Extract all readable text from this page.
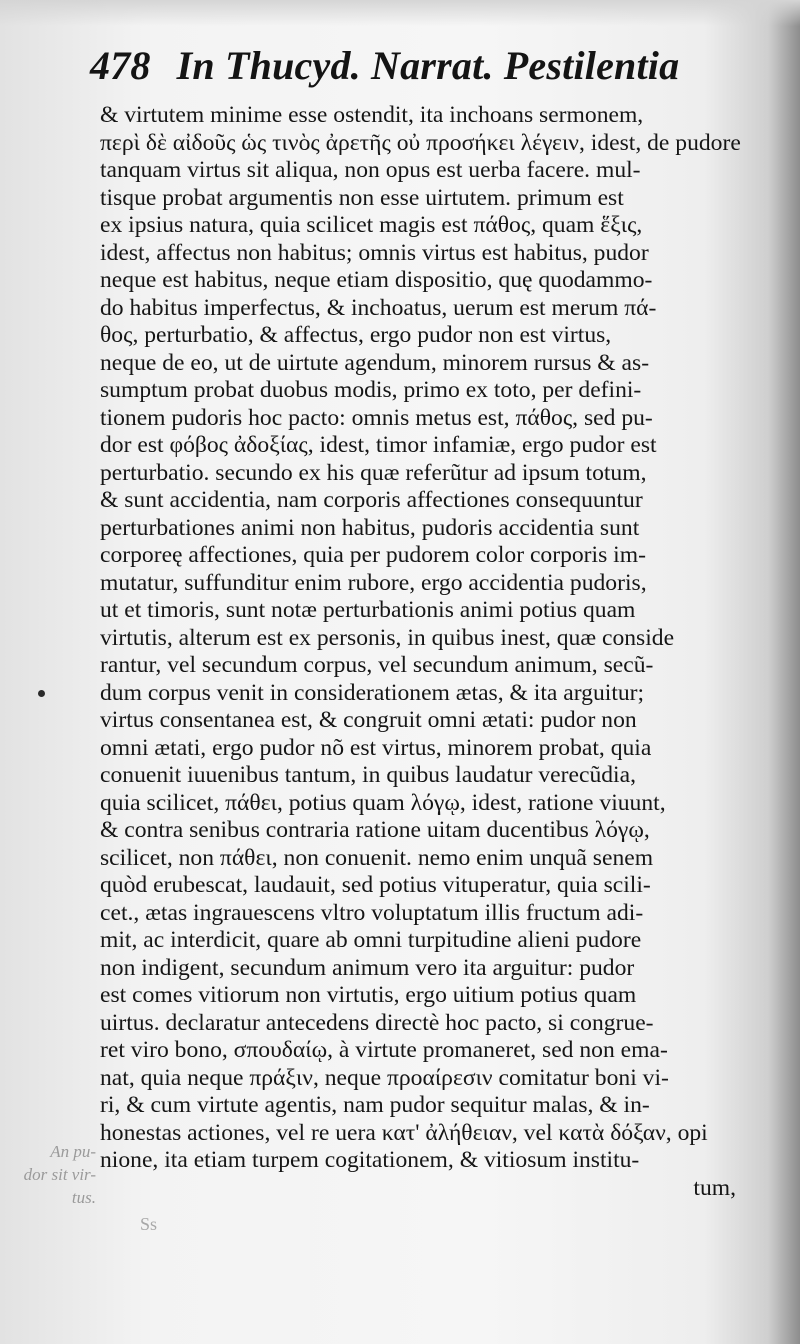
478 In Thucyd. Narrat. Pestilentia
& virtutem minime esse ostendit, ita inchoans sermonem,
περὶ δὲ αἰδοῦς ὡς τινὸς ἀρετῆς οὐ προσήκει λέγειν, idest, de pudore
tanquam virtus sit aliqua, non opus est uerba facere. mul-
tisque probat argumentis non esse uirtutem. primum est
ex ipsius natura, quia scilicet magis est πάθος, quam ἕξις,
idest, affectus non habitus; omnis virtus est habitus, pudor
neque est habitus, neque etiam dispositio, quę quodammo-
do habitus imperfectus, & inchoatus, uerum est merum πά-
θος, perturbatio, & affectus, ergo pudor non est virtus,
neque de eo, ut de uirtute agendum, minorem rursus & as-
sumptum probat duobus modis, primo ex toto, per defini-
tionem pudoris hoc pacto: omnis metus est, πάθος, sed pu-
dor est φόβος ἀδοξίας, idest, timor infamiæ, ergo pudor est
perturbatio. secundo ex his quæ referũtur ad ipsum totum,
& sunt accidentia, nam corporis affectiones consequuntur
perturbationes animi non habitus, pudoris accidentia sunt
corporeę affectiones, quia per pudorem color corporis im-
mutatur, suffunditur enim rubore, ergo accidentia pudoris,
ut et timoris, sunt notæ perturbationis animi potius quam
virtutis, alterum est ex personis, in quibus inest, quæ conside
rantur, vel secundum corpus, vel secundum animum, secũ-
dum corpus venit in considerationem ætas, & ita arguitur;
virtus consentanea est, & congruit omni ætati: pudor non
omni ætati, ergo pudor nõ est virtus, minorem probat, quia
conuenit iuuenibus tantum, in quibus laudatur verecũdia,
quia scilicet, πάθει, potius quam λόγῳ, idest, ratione viuunt,
& contra senibus contraria ratione uitam ducentibus λόγῳ,
scilicet, non πάθει, non conuenit. nemo enim unquã senem
quòd erubescat, laudauit, sed potius vituperatur, quia scili-
cet., ætas ingrauescens vltro voluptatum illis fructum adi-
mit, ac interdicit, quare ab omni turpitudine alieni pudore
non indigent, secundum animum vero ita arguitur: pudor
est comes vitiorum non virtutis, ergo uitium potius quam
uirtus. declaratur antecedens directè hoc pacto, si congrue-
ret viro bono, σπουδαίῳ, à virtute promaneret, sed non ema-
nat, quia neque πράξιν, neque προαίρεσιν comitatur boni vi-
ri, & cum virtute agentis, nam pudor sequitur malas, & in-
honestas actiones, vel re uera κατ' ἀλήθειαν, vel κατὰ δόξαν, opi
nione, ita etiam turpem cogitationem, & vitiosum institu-
tum,
An pu-
dor sit vir-
tus.
Ss
